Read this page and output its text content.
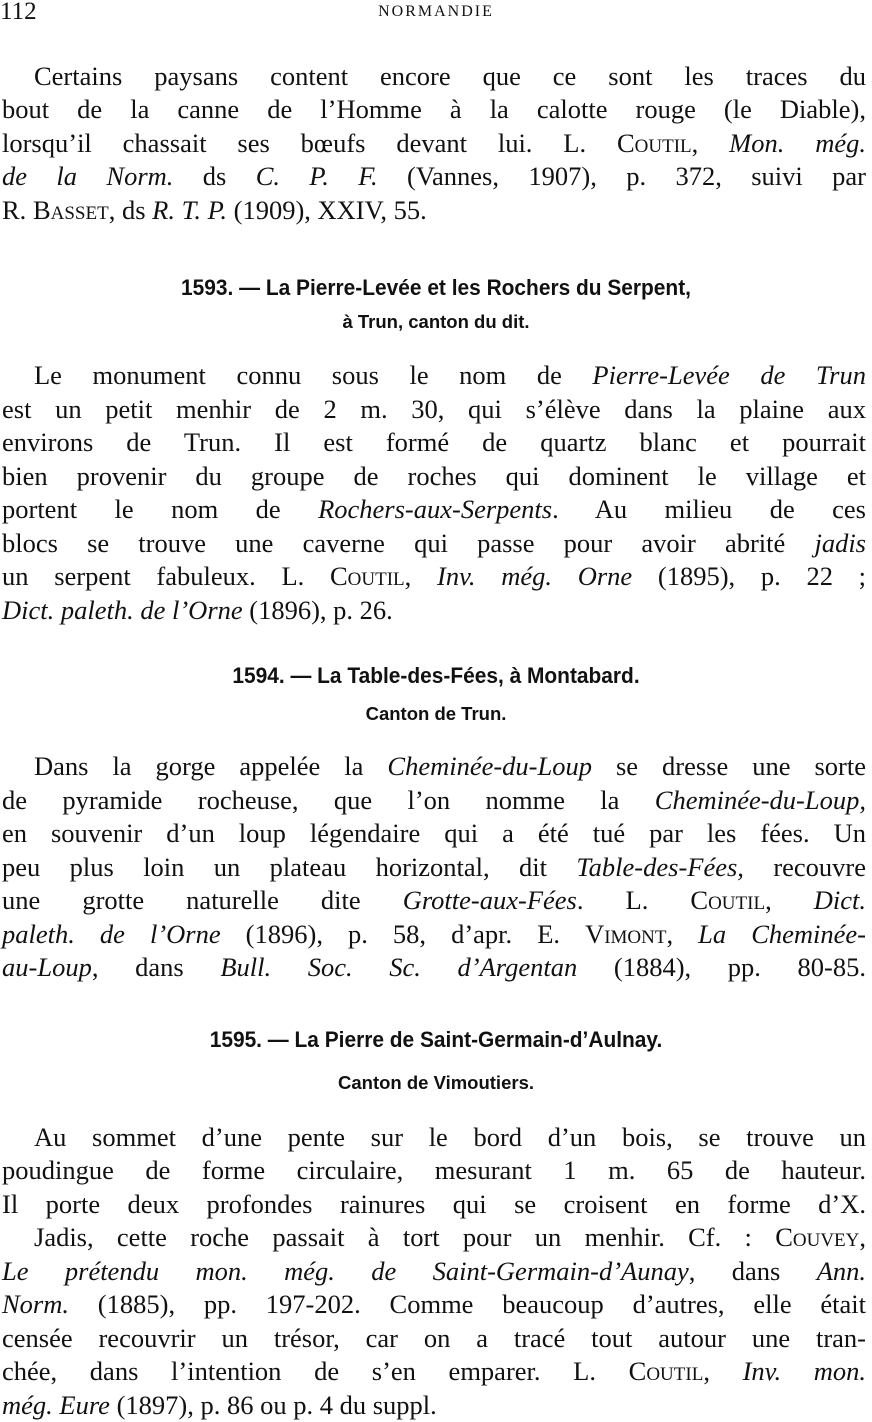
112	NORMANDIE
Certains paysans content encore que ce sont les traces du
bout de la canne de l’Homme à la calotte rouge (le Diable),
lorsqu’il chassait ses bœufs devant lui. L. Coutil, Mon. még.
de la Norm. ds C. P. F. (Vannes, 1907), p. 372, suivi par
R. Basset, ds R. T. P. (1909), XXIV, 55.
1593. — La Pierre-Levée et les Rochers du Serpent,
à Trun, canton du dit.
Le monument connu sous le nom de Pierre-Levée de Trun
est un petit menhir de 2 m. 30, qui s’élève dans la plaine aux
environs de Trun. Il est formé de quartz blanc et pourrait
bien provenir du groupe de roches qui dominent le village et
portent le nom de Rochers-aux-Serpents. Au milieu de ces
blocs se trouve une caverne qui passe pour avoir abrité jadis
un serpent fabuleux. L. Coutil, Inv. még. Orne (1895), p. 22 ;
Dict. paleth. de l’Orne (1896), p. 26.
1594. — La Table-des-Fées, à Montabard.
Canton de Trun.
Dans la gorge appelée la Cheminée-du-Loup se dresse une sorte
de pyramide rocheuse, que l’on nomme la Cheminée-du-Loup,
en souvenir d’un loup légendaire qui a été tué par les fées. Un
peu plus loin un plateau horizontal, dit Table-des-Fées, recouvre
une grotte naturelle dite Grotte-aux-Fées. L. Coutil, Dict.
paleth. de l’Orne (1896), p. 58, d’apr. E. Vimont, La Cheminée-
au-Loup, dans Bull. Soc. Sc. d’Argentan (1884), pp. 80-85.
1595. — La Pierre de Saint-Germain-d’Aulnay.
Canton de Vimoutiers.
Au sommet d’une pente sur le bord d’un bois, se trouve un
poudingue de forme circulaire, mesurant 1 m. 65 de hauteur.
Il porte deux profondes rainures qui se croisent en forme d’X.
Jadis, cette roche passait à tort pour un menhir. Cf. : Couvey,
Le prétendu mon. még. de Saint-Germain-d’Aunay, dans Ann.
Norm. (1885), pp. 197-202. Comme beaucoup d’autres, elle était
censée recouvrir un trésor, car on a tracé tout autour une tran-
chée, dans l’intention de s’en emparer. L. Coutil, Inv. mon.
még. Eure (1897), p. 86 ou p. 4 du suppl.
